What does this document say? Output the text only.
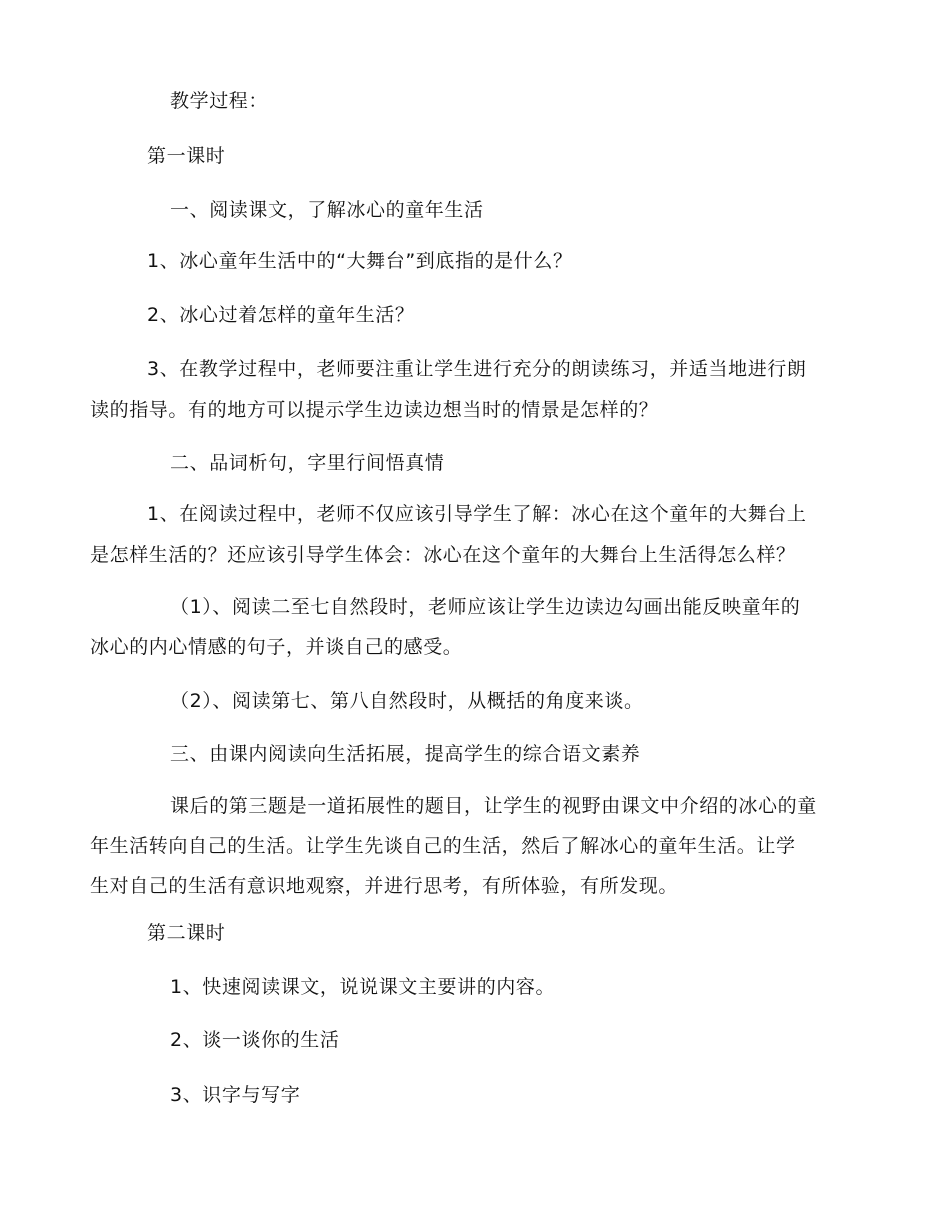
教学过程：
第一课时
一、阅读课文，了解冰心的童年生活
1、冰心童年生活中的“大舞台”到底指的是什么？
2、冰心过着怎样的童年生活？
3、在教学过程中，老师要注重让学生进行充分的朗读练习，并适当地进行朗
读的指导。有的地方可以提示学生边读边想当时的情景是怎样的？
二、品词析句，字里行间悟真情
1、在阅读过程中，老师不仅应该引导学生了解：冰心在这个童年的大舞台上
是怎样生活的？还应该引导学生体会：冰心在这个童年的大舞台上生活得怎么样？
（1）、阅读二至七自然段时，老师应该让学生边读边勾画出能反映童年的
冰心的内心情感的句子，并谈自己的感受。
（2）、阅读第七、第八自然段时，从概括的角度来谈。
三、由课内阅读向生活拓展，提高学生的综合语文素养
课后的第三题是一道拓展性的题目，让学生的视野由课文中介绍的冰心的童
年生活转向自己的生活。让学生先谈自己的生活，然后了解冰心的童年生活。让学
生对自己的生活有意识地观察，并进行思考，有所体验，有所发现。
第二课时
1、快速阅读课文，说说课文主要讲的内容。
2、谈一谈你的生活
3、识字与写字
